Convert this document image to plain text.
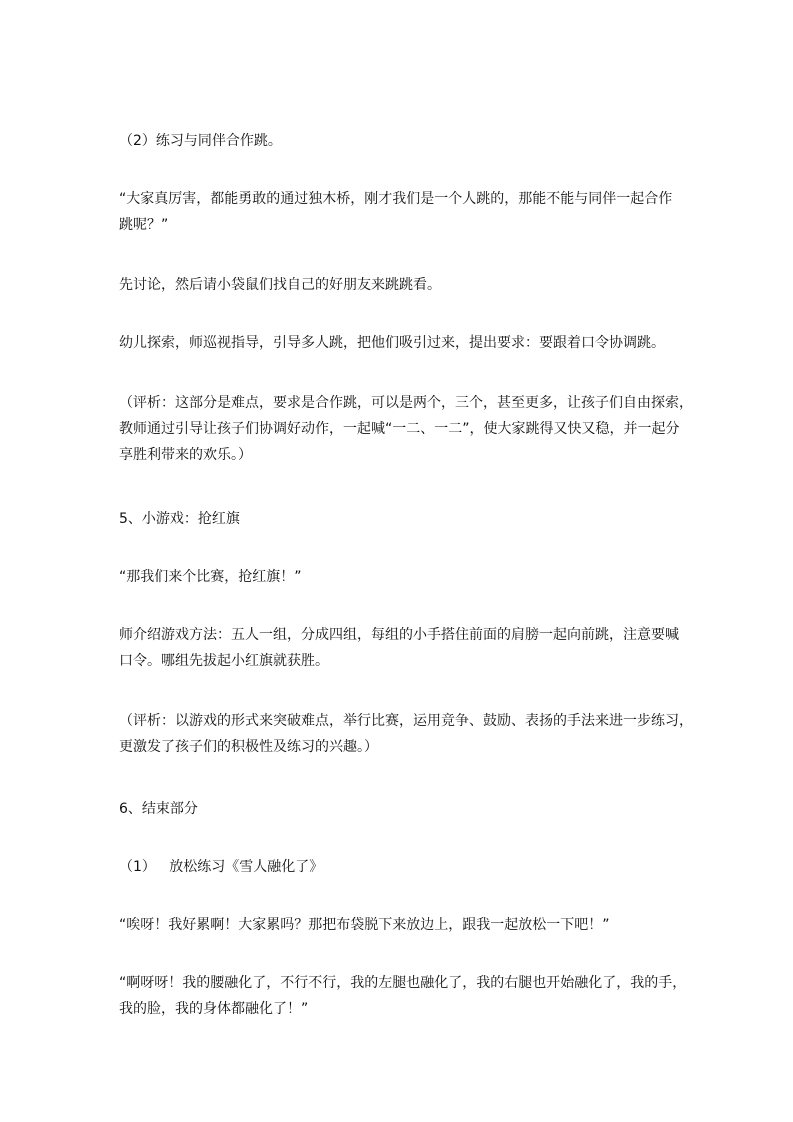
（2）练习与同伴合作跳。

“大家真厉害，都能勇敢的通过独木桥，刚才我们是一个人跳的，那能不能与同伴一起合作
跳呢？”

先讨论，然后请小袋鼠们找自己的好朋友来跳跳看。

幼儿探索，师巡视指导，引导多人跳，把他们吸引过来，提出要求：要跟着口令协调跳。

（评析：这部分是难点，要求是合作跳，可以是两个，三个，甚至更多，让孩子们自由探索，
教师通过引导让孩子们协调好动作，一起喊“一二、一二”，使大家跳得又快又稳，并一起分
享胜利带来的欢乐。）

5、小游戏：抢红旗

“那我们来个比赛，抢红旗！”

师介绍游戏方法：五人一组，分成四组，每组的小手搭住前面的肩膀一起向前跳，注意要喊
口令。哪组先拔起小红旗就获胜。

（评析：以游戏的形式来突破难点，举行比赛，运用竞争、鼓励、表扬的手法来进一步练习，
更激发了孩子们的积极性及练习的兴趣。）

6、结束部分

（1）   放松练习《雪人融化了》

“唉呀！我好累啊！大家累吗？那把布袋脱下来放边上，跟我一起放松一下吧！”

“啊呀呀！我的腰融化了，不行不行，我的左腿也融化了，我的右腿也开始融化了，我的手，
我的脸，我的身体都融化了！”
